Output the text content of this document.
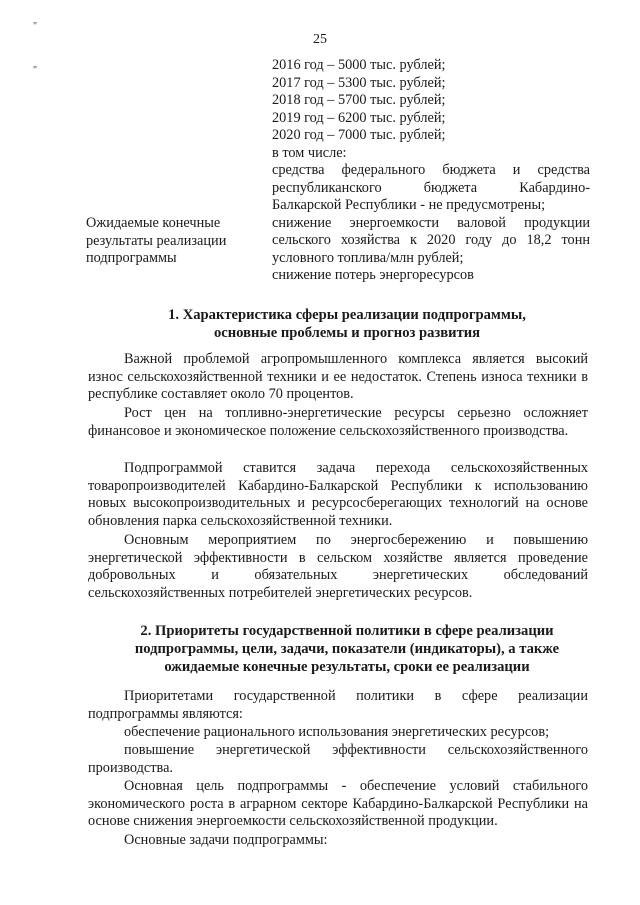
25
"
"	2016 год – 5000 тыс. рублей;
2017 год – 5300 тыс. рублей;
2018 год – 5700 тыс. рублей;
2019 год – 6200 тыс. рублей;
2020 год – 7000 тыс. рублей;
в том числе:
средства федерального бюджета и средства
республиканского бюджета Кабардино-
Балкарской Республики - не предусмотрены;
снижение энергоемкости валовой продукции
сельского хозяйства к 2020 году до 18,2 тонн
условного топлива/млн рублей;
снижение потерь энергоресурсов
Ожидаемые конечные результаты реализации подпрограммы
1. Характеристика сферы реализации подпрограммы,
основные проблемы и прогноз развития

Важной проблемой агропромышленного комплекса является высокий износ сельскохозяйственной техники и ее недостаток. Степень износа техники в республике составляет около 70 процентов.

Рост цен на топливно-энергетические ресурсы серьезно осложняет финансовое и экономическое положение сельскохозяйственного производства.

Подпрограммой ставится задача перехода сельскохозяйственных товаропроизводителей Кабардино-Балкарской Республики к использованию новых высокопроизводительных и ресурсосберегающих технологий на основе обновления парка сельскохозяйственной техники.

Основным мероприятием по энергосбережению и повышению энергетической эффективности в сельском хозяйстве является проведение добровольных и обязательных энергетических обследований сельскохозяйственных потребителей энергетических ресурсов.

2. Приоритеты государственной политики в сфере реализации
подпрограммы, цели, задачи, показатели (индикаторы), а также
ожидаемые конечные результаты, сроки ее реализации

Приоритетами государственной политики в сфере реализации подпрограммы являются:

обеспечение рационального использования энергетических ресурсов;

повышение энергетической эффективности сельскохозяйственного производства.

Основная цель подпрограммы - обеспечение условий стабильного экономического роста в аграрном секторе Кабардино-Балкарской Республики на основе снижения энергоемкости сельскохозяйственной продукции.

Основные задачи подпрограммы:
